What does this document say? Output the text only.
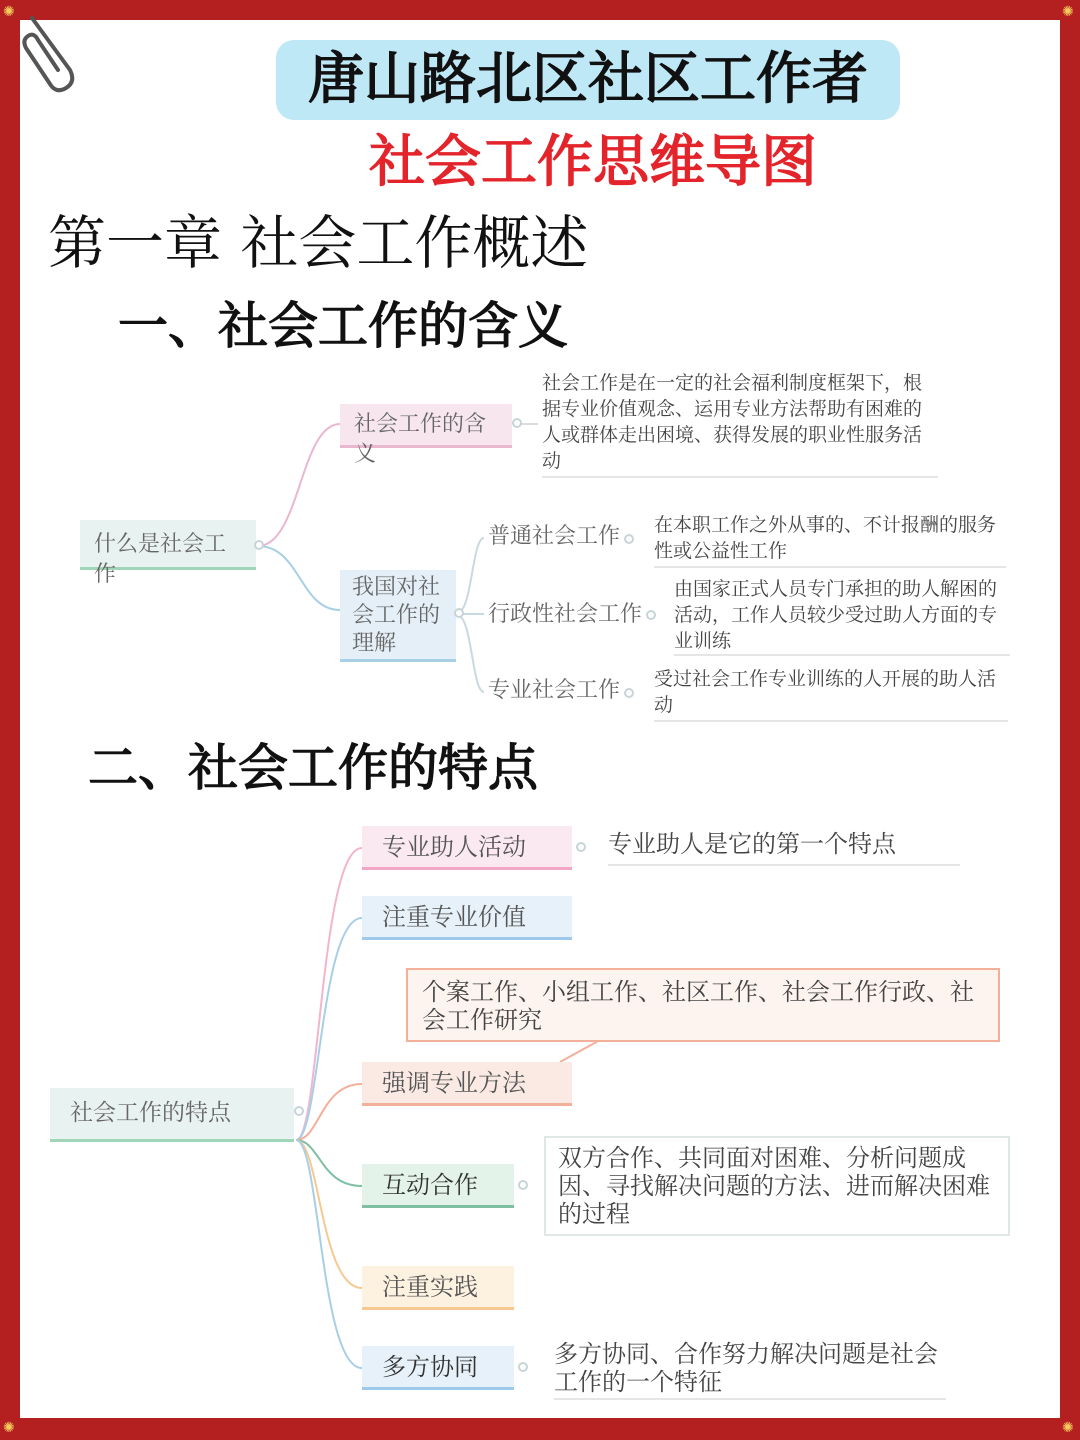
✺	✺
✺	✺
唐山路北区社区工作者
社会工作思维导图
第一章 社会工作概述
一、社会工作的含义
什么是社会工作
社会工作的含义
社会工作是在一定的社会福利制度框架下，根据专业价值观念、运用专业方法帮助有困难的人或群体走出困境、获得发展的职业性服务活动
我国对社会工作的理解
普通社会工作	在本职工作之外从事的、不计报酬的服务性或公益性工作
行政性社会工作
由国家正式人员专门承担的助人解困的活动，工作人员较少受过助人方面的专业训练
专业社会工作	受过社会工作专业训练的人开展的助人活动
二、社会工作的特点
社会工作的特点
专业助人活动	专业助人是它的第一个特点
注重专业价值
个案工作、小组工作、社区工作、社会工作行政、社会工作研究
强调专业方法
互动合作
双方合作、共同面对困难、分析问题成因、寻找解决问题的方法、进而解决困难的过程
注重实践
多方协同	多方协同、合作努力解决问题是社会工作的一个特征
